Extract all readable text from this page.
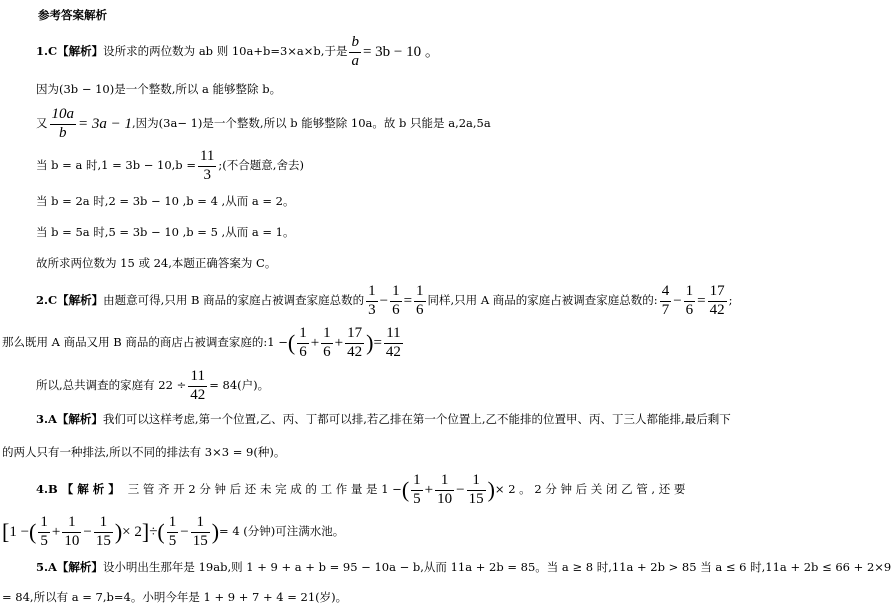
参考答案解析
1.C【解析】 设所求的两位数为 ab 则 10a+b=3×a×b,于是 $\frac{b}{a} = 3b - 10$ 。
因为(3b − 10)是一个整数,所以 a 能够整除 b。
又 $\frac{10a}{b} = 3a - 1$ ,因为(3a− 1)是一个整数,所以 b 能够整除 10a。故 b 只能是 a,2a,5a
当 b = a 时$,1 = 3b - 10,b = \frac{11}{3}$ ;(不合题意,舍去)
当 b = 2a 时,2 = 3b − 10 ,b = 4 ,从而 a = 2。
当 b = 5a 时,5 = 3b − 10 ,b = 5 ,从而 a = 1。
故所求两位数为 15 或 24,本题正确答案为 C。
2.C【解析】 由题意可得,只用 B 商品的家庭占被调查家庭总数的 $\frac{1}{3} - \frac{1}{6} = \frac{1}{6}$ 同样,只用 A 商品的家庭占被调查家庭总数的: $\frac{4}{7} - \frac{1}{6} = \frac{17}{42}$ ;
那么既用 A 商品又用 B 商品的商店占被调查家庭的:1 − ( $\frac{1}{6} + \frac{1}{6} + \frac{17}{42}$ ) = $\frac{11}{42}$
所以,总共调查的家庭有 $22 \div \frac{11}{42} = 84$(户)。
3.A【解析】我们可以这样考虑,第一个位置,乙、丙、丁都可以排,若乙排在第一个位置上,乙不能排的位置甲、丙、丁三人都能排,最后剩下
的两人只有一种排法,所以不同的排法有 3×3 = 9(种)。
4.B 【 解 析 】 三 管 齐 开 2 分 钟 后 还 未 完 成 的 工 作 量 是 1 − ( $\frac{1}{5} + \frac{1}{10} - \frac{1}{15}$ ) × 2 。 2 分 钟 后 关 闭 乙 管 , 还 要
[ 1 − ( $\frac{1}{5} + \frac{1}{10} - \frac{1}{15}$ ) × 2 ] ÷ ( $\frac{1}{5} - \frac{1}{15}$ ) = 4 (分钟)可注满水池。
5.A【解析】设小明出生那年是 19ab,则 1 + 9 + a + b = 95 − 10a − b,从而 11a + 2b = 85。当 a ≥ 8 时,11a + 2b > 85 当 a ≤ 6 时,11a + 2b ≤ 66 + 2×9
= 84,所以有 a = 7,b=4。小明今年是 1 + 9 + 7 + 4 = 21(岁)。
